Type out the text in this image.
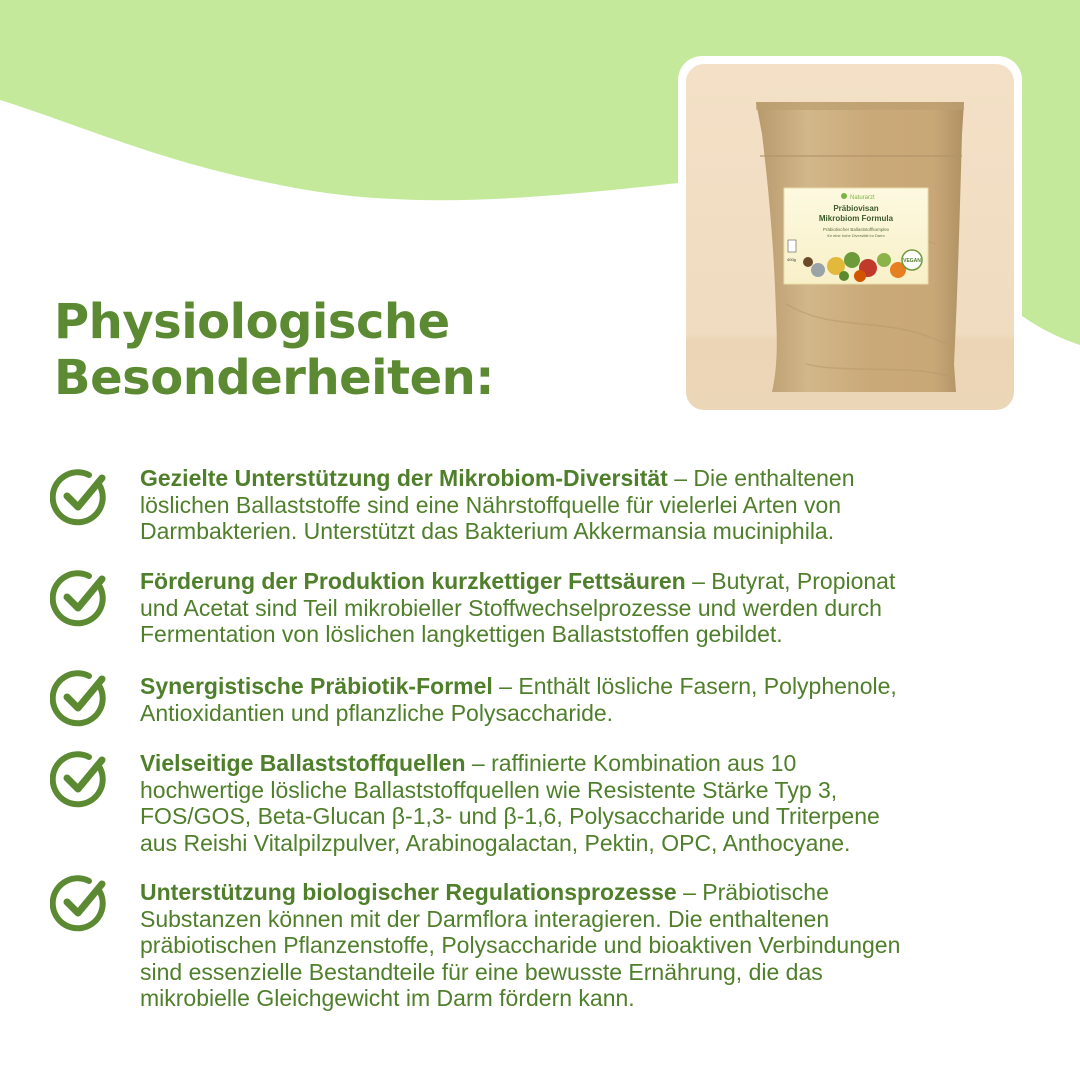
Naturarzt
Präbiovisan
Mikrobiom Formula
Präbiotischer Ballaststoffkomplex
für eine hohe Diversität im Darm
400g	VEGAN
Physiologische
Besonderheiten:

Gezielte Unterstützung der Mikrobiom-Diversität – Die enthaltenen
löslichen Ballaststoffe sind eine Nährstoffquelle für vielerlei Arten von
Darmbakterien. Unterstützt das Bakterium Akkermansia muciniphila.

Förderung der Produktion kurzkettiger Fettsäuren – Butyrat, Propionat
und Acetat sind Teil mikrobieller Stoffwechselprozesse und werden durch
Fermentation von löslichen langkettigen Ballaststoffen gebildet.

Synergistische Präbiotik-Formel – Enthält lösliche Fasern, Polyphenole,
Antioxidantien und pflanzliche Polysaccharide.

Vielseitige Ballaststoffquellen – raffinierte Kombination aus 10
hochwertige lösliche Ballaststoffquellen wie Resistente Stärke Typ 3,
FOS/GOS, Beta-Glucan β-1,3- und β-1,6, Polysaccharide und Triterpene
aus Reishi Vitalpilzpulver, Arabinogalactan, Pektin, OPC, Anthocyane.

Unterstützung biologischer Regulationsprozesse – Präbiotische
Substanzen können mit der Darmflora interagieren. Die enthaltenen
präbiotischen Pflanzenstoffe, Polysaccharide und bioaktiven Verbindungen
sind essenzielle Bestandteile für eine bewusste Ernährung, die das
mikrobielle Gleichgewicht im Darm fördern kann.
